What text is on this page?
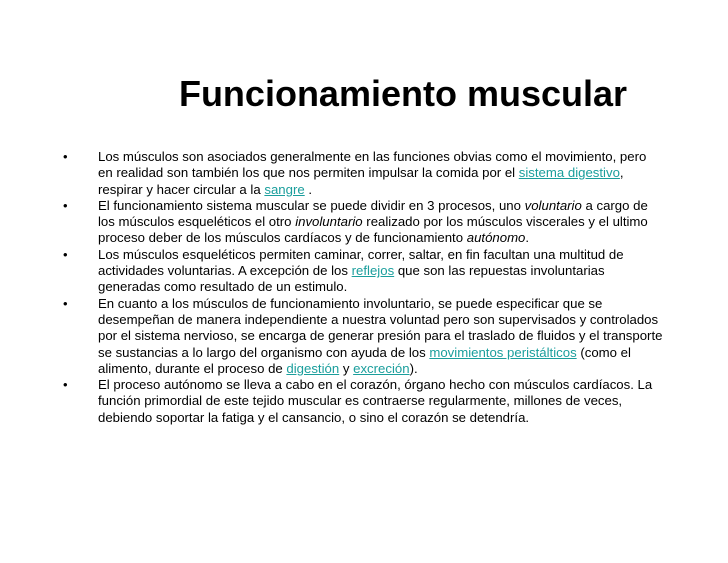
Funcionamiento muscular
• Los músculos son asociados generalmente en las funciones obvias como el movimiento, pero en realidad son también los que nos permiten impulsar la comida por el sistema digestivo, respirar y hacer circular a la sangre .
• El funcionamiento sistema muscular se puede dividir en 3 procesos, uno voluntario a cargo de los músculos esqueléticos el otro involuntario realizado por los músculos viscerales y el ultimo proceso deber de los músculos cardíacos y de funcionamiento autónomo.
• Los músculos esqueléticos permiten caminar, correr, saltar, en fin facultan una multitud de actividades voluntarias. A excepción de los reflejos que son las repuestas involuntarias generadas como resultado de un estimulo.
• En cuanto a los músculos de funcionamiento involuntario, se puede especificar que se desempeñan de manera independiente a nuestra voluntad pero son supervisados y controlados por el sistema nervioso, se encarga de generar presión para el traslado de fluidos y el transporte se sustancias a lo largo del organismo con ayuda de los movimientos peristálticos (como el alimento, durante el proceso de digestión y excreción).
• El proceso autónomo se lleva a cabo en el corazón, órgano hecho con músculos cardíacos. La función primordial de este tejido muscular es contraerse regularmente, millones de veces, debiendo soportar la fatiga y el cansancio, o sino el corazón se detendría.
